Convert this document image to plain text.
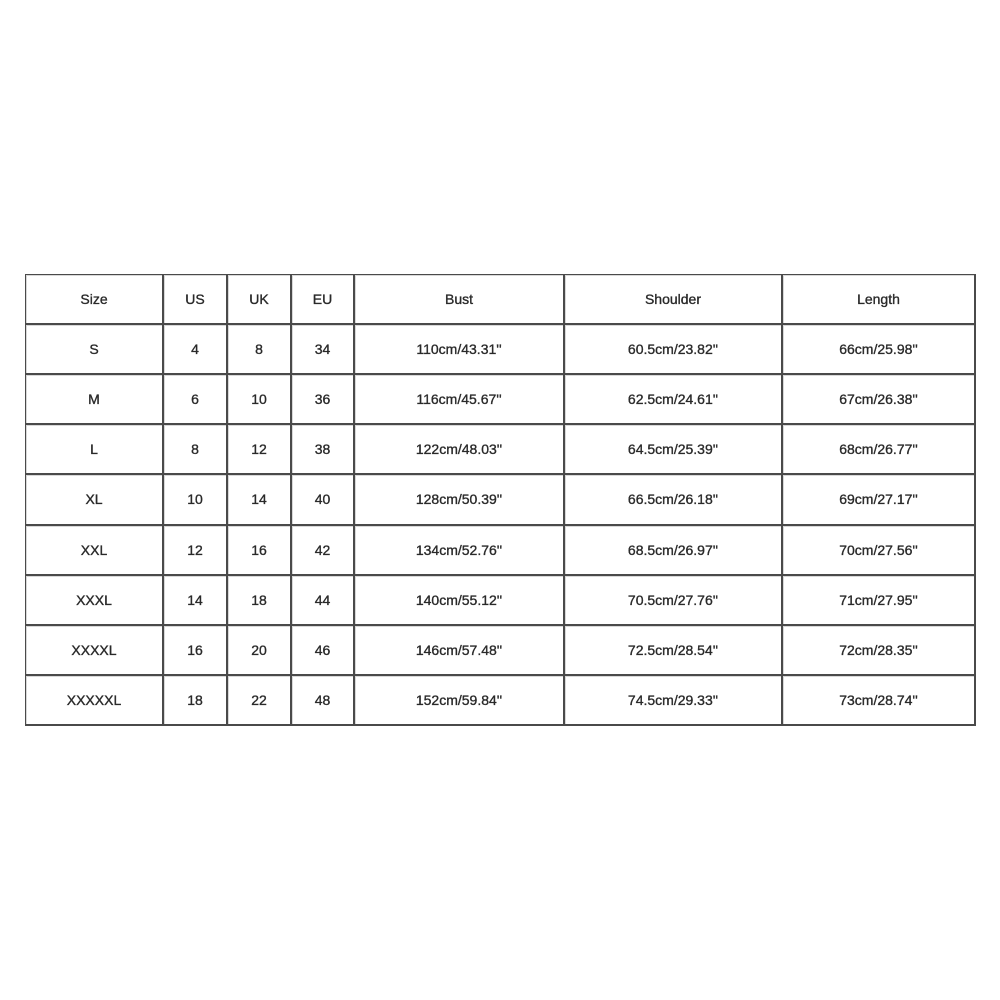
Size	US	UK	EU	Bust	Shoulder	Length
S	4	8	34	110cm/43.31''	60.5cm/23.82''	66cm/25.98''
M	6	10	36	116cm/45.67''	62.5cm/24.61''	67cm/26.38''
L	8	12	38	122cm/48.03''	64.5cm/25.39''	68cm/26.77''
XL	10	14	40	128cm/50.39''	66.5cm/26.18''	69cm/27.17''
XXL	12	16	42	134cm/52.76''	68.5cm/26.97''	70cm/27.56''
XXXL	14	18	44	140cm/55.12''	70.5cm/27.76''	71cm/27.95''
XXXXL	16	20	46	146cm/57.48''	72.5cm/28.54''	72cm/28.35''
XXXXXL	18	22	48	152cm/59.84''	74.5cm/29.33''	73cm/28.74''
